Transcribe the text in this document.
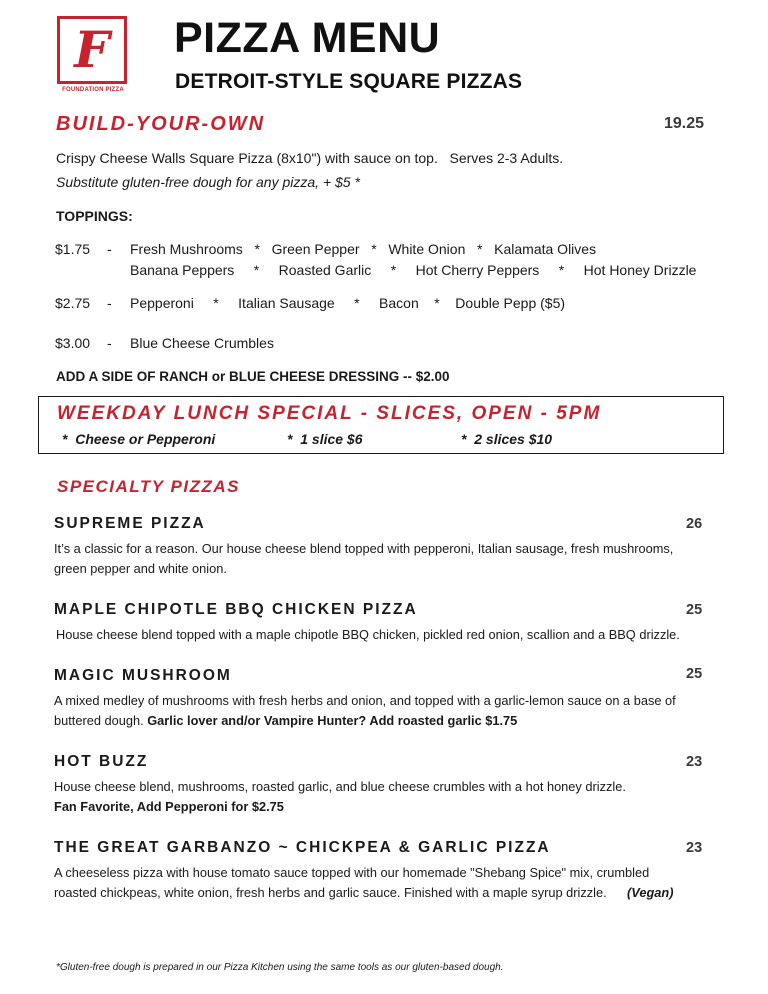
F
FOUNDATION PIZZA
PIZZA MENU
DETROIT-STYLE SQUARE PIZZAS
BUILD-YOUR-OWN	19.25
Crispy Cheese Walls Square Pizza (8x10") with sauce on top.   Serves 2-3 Adults.
Substitute gluten-free dough for any pizza, + $5 *
TOPPINGS:
$1.75 - Fresh Mushrooms   *   Green Pepper   *   White Onion   *   Kalamata Olives
Banana Peppers     *     Roasted Garlic     *     Hot Cherry Peppers     *     Hot Honey Drizzle
$2.75 - Pepperoni     *     Italian Sausage     *     Bacon    *    Double Pepp ($5)
$3.00 - Blue Cheese Crumbles
ADD A SIDE OF RANCH or BLUE CHEESE DRESSING -- $2.00
WEEKDAY LUNCH SPECIAL - SLICES, OPEN - 5PM
*  Cheese or Pepperoni	*  1 slice $6	*  2 slices $10
SPECIALTY PIZZAS
SUPREME PIZZA	26
It’s a classic for a reason. Our house cheese blend topped with pepperoni, Italian sausage, fresh mushrooms,
green pepper and white onion.
MAPLE CHIPOTLE BBQ CHICKEN PIZZA	25
House cheese blend topped with a maple chipotle BBQ chicken, pickled red onion, scallion and a BBQ drizzle.
MAGIC MUSHROOM	25
A mixed medley of mushrooms with fresh herbs and onion, and topped with a garlic-lemon sauce on a base of
buttered dough. Garlic lover and/or Vampire Hunter? Add roasted garlic $1.75
HOT BUZZ	23
House cheese blend, mushrooms, roasted garlic, and blue cheese crumbles with a hot honey drizzle.
Fan Favorite, Add Pepperoni for $2.75
THE GREAT GARBANZO ~ CHICKPEA & GARLIC PIZZA	23
A cheeseless pizza with house tomato sauce topped with our homemade "Shebang Spice" mix, crumbled
roasted chickpeas, white onion, fresh herbs and garlic sauce. Finished with a maple syrup drizzle.	(Vegan)
*Gluten-free dough is prepared in our Pizza Kitchen using the same tools as our gluten-based dough.
